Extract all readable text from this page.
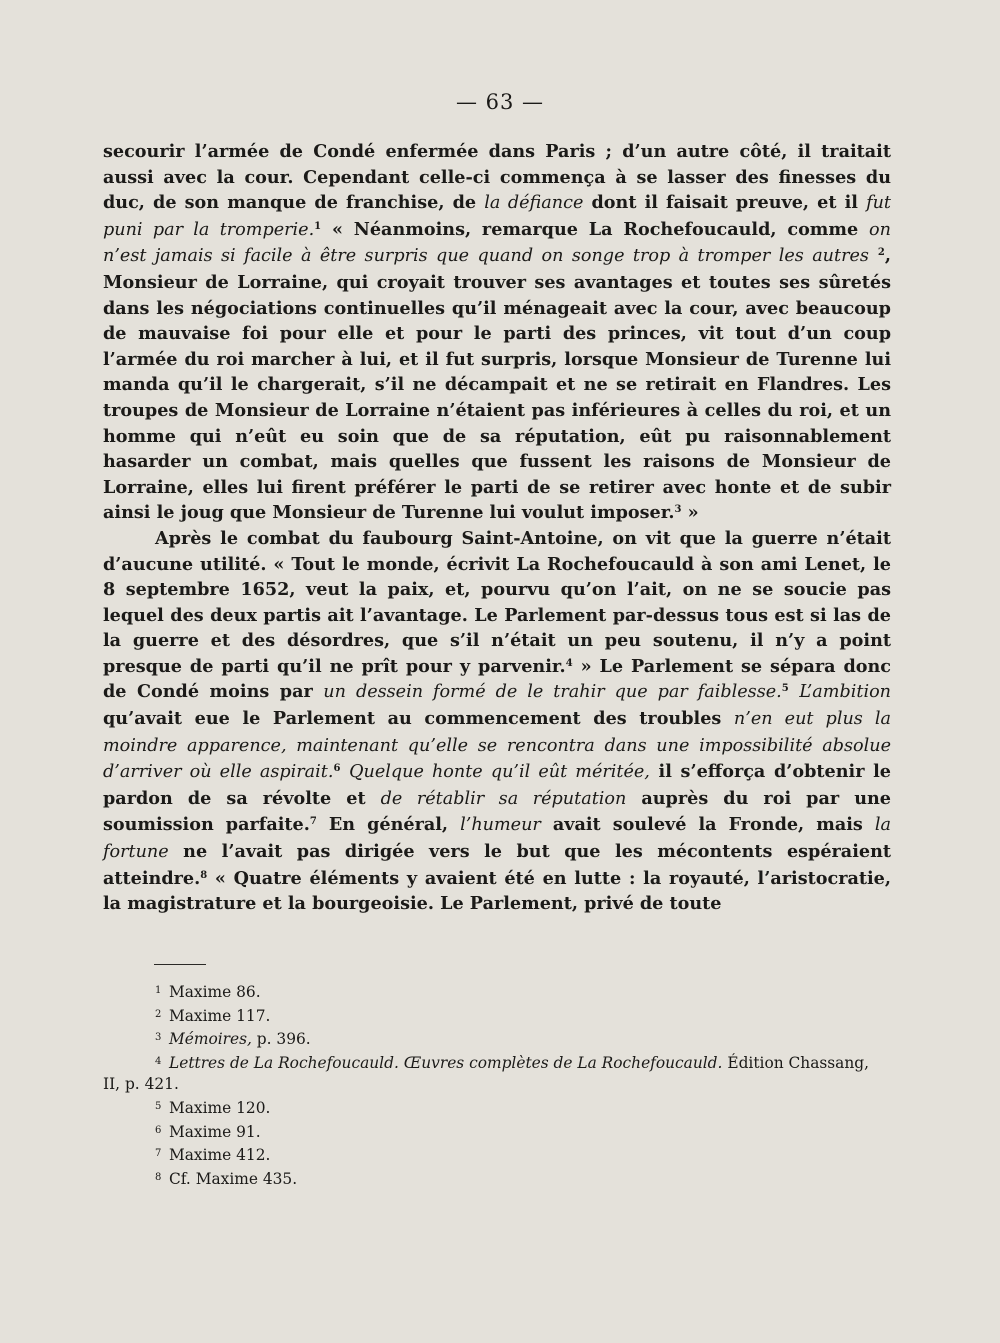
— 63 —

secourir l’armée de Condé enfermée dans Paris ; d’un autre côté, il traitait aussi avec la cour. Cependant celle-ci commença à se lasser des finesses du duc, de son manque de franchise, de la défiance dont il faisait preuve, et il fut puni par la tromperie.$^1$ « Néanmoins, remarque La Rochefoucauld, comme on n’est jamais si facile à être surpris que quand on songe trop à tromper les autres $^2$, Monsieur de Lorraine, qui croyait trouver ses avantages et toutes ses sûretés dans les négociations continuelles qu’il ménageait avec la cour, avec beaucoup de mauvaise foi pour elle et pour le parti des princes, vit tout d’un coup l’armée du roi marcher à lui, et il fut surpris, lorsque Monsieur de Turenne lui manda qu’il le chargerait, s’il ne décampait et ne se retirait en Flandres. Les troupes de Monsieur de Lorraine n’étaient pas inférieures à celles du roi, et un homme qui n’eût eu soin que de sa réputation, eût pu raisonnablement hasarder un combat, mais quelles que fussent les raisons de Monsieur de Lorraine, elles lui firent préférer le parti de se retirer avec honte et de subir ainsi le joug que Monsieur de Turenne lui voulut imposer.$^3$ »

Après le combat du faubourg Saint-Antoine, on vit que la guerre n’était d’aucune utilité. « Tout le monde, écrivit La Rochefoucauld à son ami Lenet, le 8 septembre 1652, veut la paix, et, pourvu qu’on l’ait, on ne se soucie pas lequel des deux partis ait l’avantage. Le Parlement par-dessus tous est si las de la guerre et des désordres, que s’il n’était un peu soutenu, il n’y a point presque de parti qu’il ne prît pour y parvenir.$^4$ » Le Parlement se sépara donc de Condé moins par un dessein formé de le trahir que par faiblesse.$^5$ L’ambition qu’avait eue le Parlement au commencement des troubles n’en eut plus la moindre apparence, maintenant qu’elle se rencontra dans une impossibilité absolue d’arriver où elle aspirait.$^6$ Quelque honte qu’il eût méritée, il s’efforça d’obtenir le pardon de sa révolte et de rétablir sa réputation auprès du roi par une soumission parfaite.$^7$ En général, l’humeur avait soulevé la Fronde, mais la fortune ne l’avait pas dirigée vers le but que les mécontents espéraient atteindre.$^8$ « Quatre éléments y avaient été en lutte : la royauté, l’aristocratie, la magistrature et la bourgeoisie. Le Parlement, privé de toute

1 Maxime 86.
2 Maxime 117.
3 Mémoires, p. 396.
4 Lettres de La Rochefoucauld. Œuvres complètes de La Rochefoucauld. Édition Chassang,
II, p. 421.
5 Maxime 120.
6 Maxime 91.
7 Maxime 412.
8 Cf. Maxime 435.
